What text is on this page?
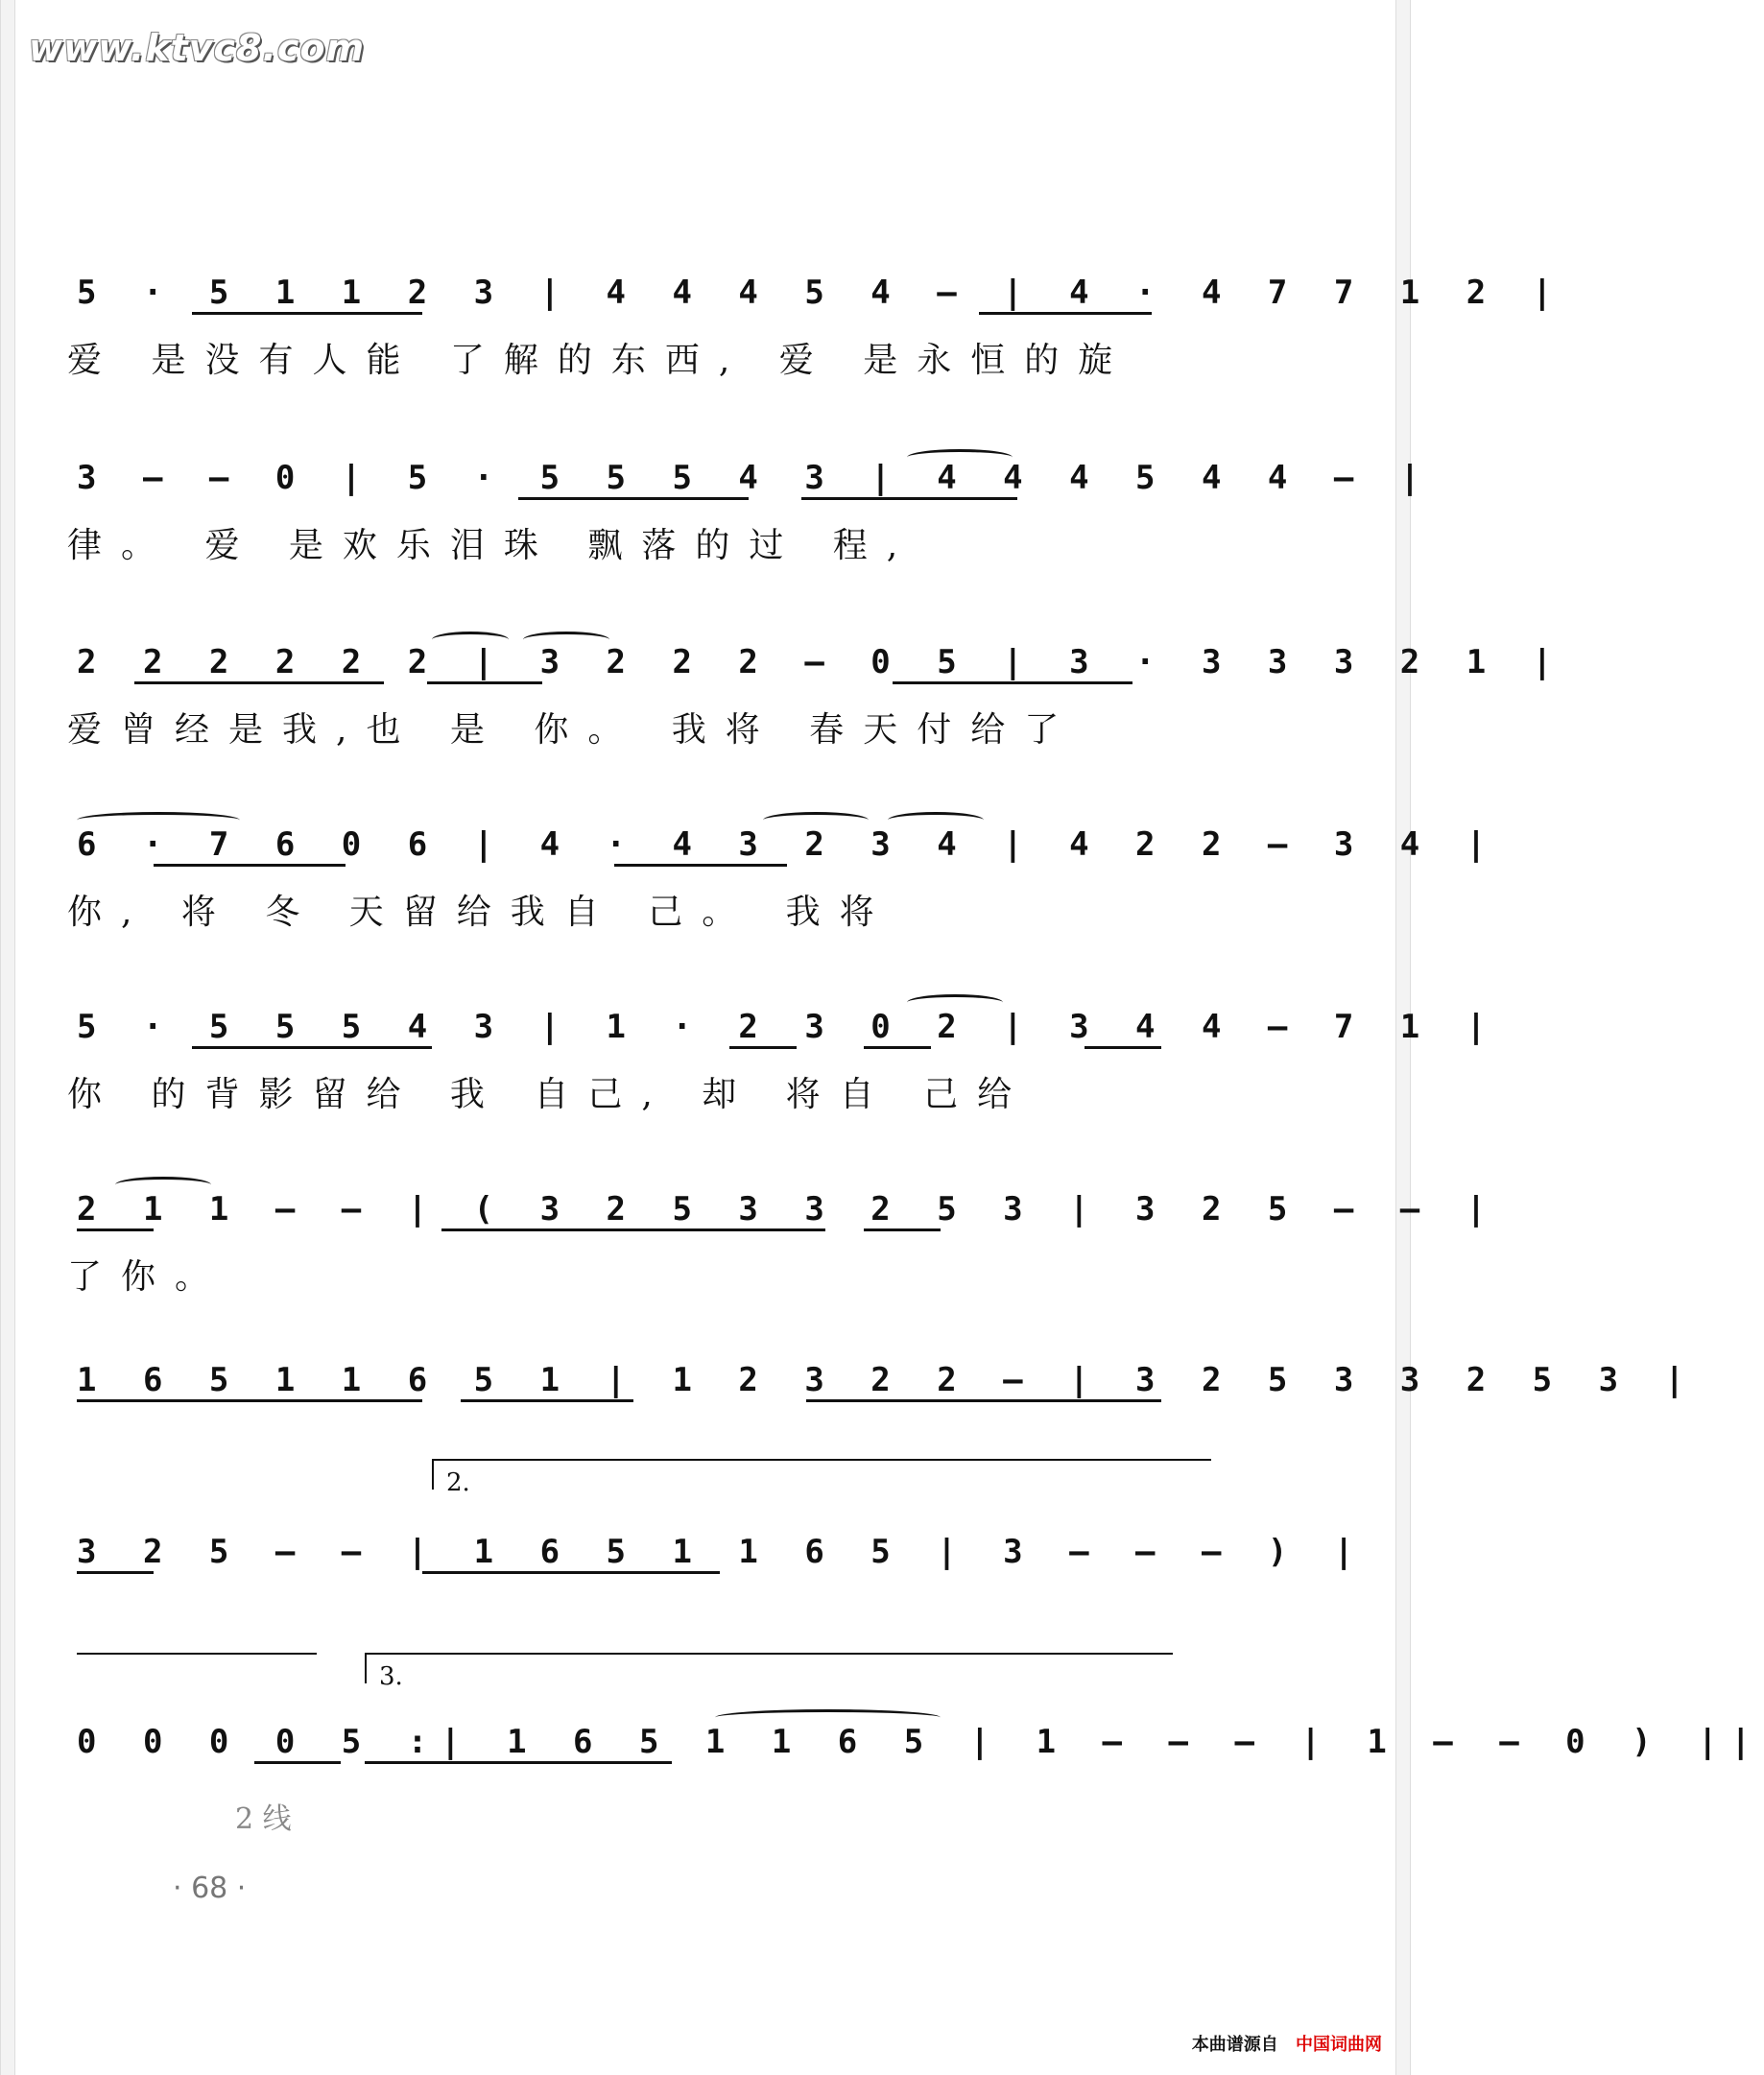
www.ktvc8.com
5 · 5 1 1 2 3 | 4 4 4 5 4 — | 4 · 4 7 7 1 2 |
爱 是没有人能 了解的东西, 爱 是永恒的旋
3 — — 0 | 5 · 5 5 5 4 3 | 4 4 4 5 4 4 — |
律。 爱 是欢乐泪珠 飘落的过 程,
2 2 2 2 2 2 | 3 2 2 2 — 0 5 | 3 · 3 3 3 2 1 |
爱曾经是我,也 是 你。 我将 春天付给了
6 · 7 6 0 6 | 4 · 4 3 2 3 4 | 4 2 2 — 3 4 |
你, 将 冬 天留给我自 己。 我将
5 · 5 5 5 4 3 | 1 · 2 3 0 2 | 3 4 4 — 7 1 |
你 的背影留给 我 自己, 却 将自 己给
2 1 1 — — | ( 3 2 5 3 3 2 5 3 | 3 2 5 — — |
了你。
1 6 5 1 1 6 5 1 | 1 2 3 2 2 — | 3 2 5 3 3 2 5 3 |
2.
3 2 5 — — | 1 6 5 1 1 6 5 | 3 — — — ) |
3.
0 0 0 0 5 :| 1 6 5 1 1 6 5 | 1 — — — | 1 — — 0 ) ||
2 线
· 68 ·
本曲谱源自 中国词曲网
